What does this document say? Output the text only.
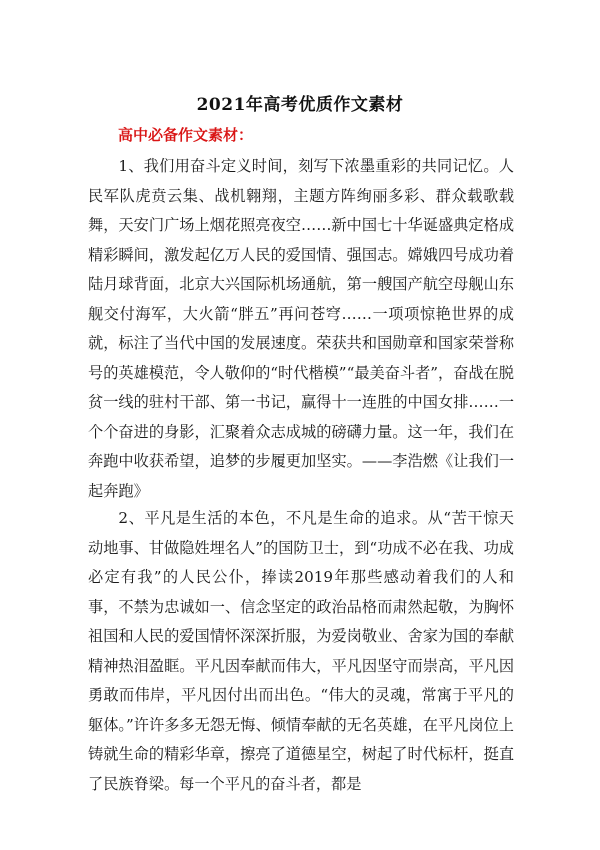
2021年高考优质作文素材
高中必备作文素材：

1、我们用奋斗定义时间，刻写下浓墨重彩的共同记忆。人民军队虎贲云集、战机翱翔，主题方阵绚丽多彩、群众载歌载舞，天安门广场上烟花照亮夜空……新中国七十华诞盛典定格成精彩瞬间，激发起亿万人民的爱国情、强国志。嫦娥四号成功着陆月球背面，北京大兴国际机场通航，第一艘国产航空母舰山东舰交付海军，大火箭“胖五”再问苍穹……一项项惊艳世界的成就，标注了当代中国的发展速度。荣获共和国勋章和国家荣誉称号的英雄模范，令人敬仰的“时代楷模”“最美奋斗者”，奋战在脱贫一线的驻村干部、第一书记，赢得十一连胜的中国女排……一个个奋进的身影，汇聚着众志成城的磅礴力量。这一年，我们在奔跑中收获希望，追梦的步履更加坚实。——李浩燃《让我们一起奔跑》

2、平凡是生活的本色，不凡是生命的追求。从“苦干惊天动地事、甘做隐姓埋名人”的国防卫士，到“功成不必在我、功成必定有我”的人民公仆，捧读2019年那些感动着我们的人和事，不禁为忠诚如一、信念坚定的政治品格而肃然起敬，为胸怀祖国和人民的爱国情怀深深折服，为爱岗敬业、舍家为国的奉献精神热泪盈眶。平凡因奉献而伟大，平凡因坚守而崇高，平凡因勇敢而伟岸，平凡因付出而出色。“伟大的灵魂，常寓于平凡的躯体。”许许多多无怨无悔、倾情奉献的无名英雄，在平凡岗位上铸就生命的精彩华章，擦亮了道德星空，树起了时代标杆，挺直了民族脊梁。每一个平凡的奋斗者，都是
